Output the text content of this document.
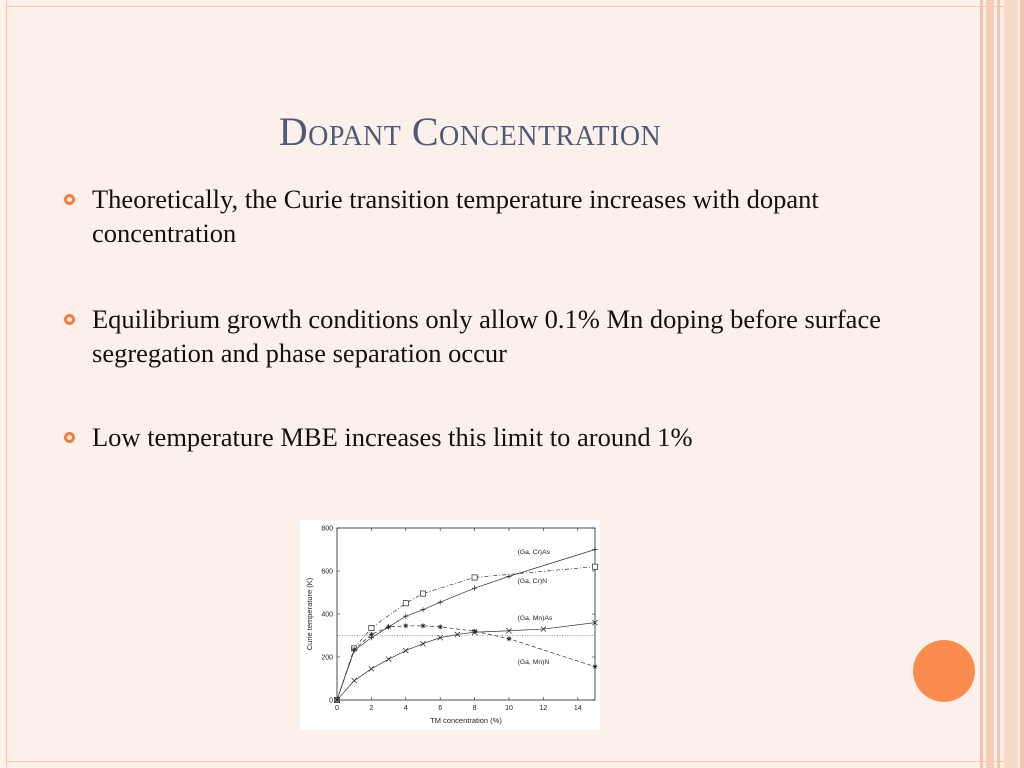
Dopant Concentration
Theoretically, the Curie transition temperature increases with dopant concentration
Equilibrium growth conditions only allow 0.1% Mn doping before surface segregation and phase separation occur
Low temperature MBE increases this limit to around 1%
0	2	4	6	8	10	12	14
0
200
400
600
800
TM concentration (%)
Curie temperature (K)
(Ga, Cr)As
(Ga, Cr)N
(Ga, Mn)As
(Ga, Mn)N
